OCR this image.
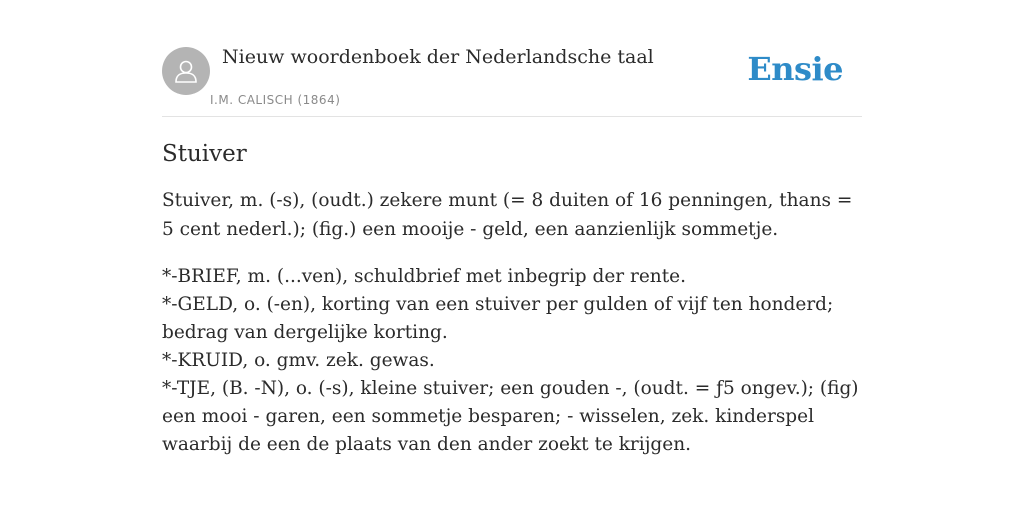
Nieuw woordenboek der Nederlandsche taal
I.M. CALISCH (1864)
Ensie
Stuiver
Stuiver, m. (-s), (oudt.) zekere munt (= 8 duiten of 16 penningen, thans = 5 cent nederl.); (fig.) een mooije - geld, een aanzienlijk sommetje.
*-BRIEF, m. (...ven), schuldbrief met inbegrip der rente.
*-GELD, o. (-en), korting van een stuiver per gulden of vijf ten honderd; bedrag van dergelijke korting.
*-KRUID, o. gmv. zek. gewas.
*-TJE, (B. -N), o. (-s), kleine stuiver; een gouden -, (oudt. = ƒ5 ongev.); (fig) een mooi - garen, een sommetje besparen; - wisselen, zek. kinderspel waarbij de een de plaats van den ander zoekt te krijgen.
